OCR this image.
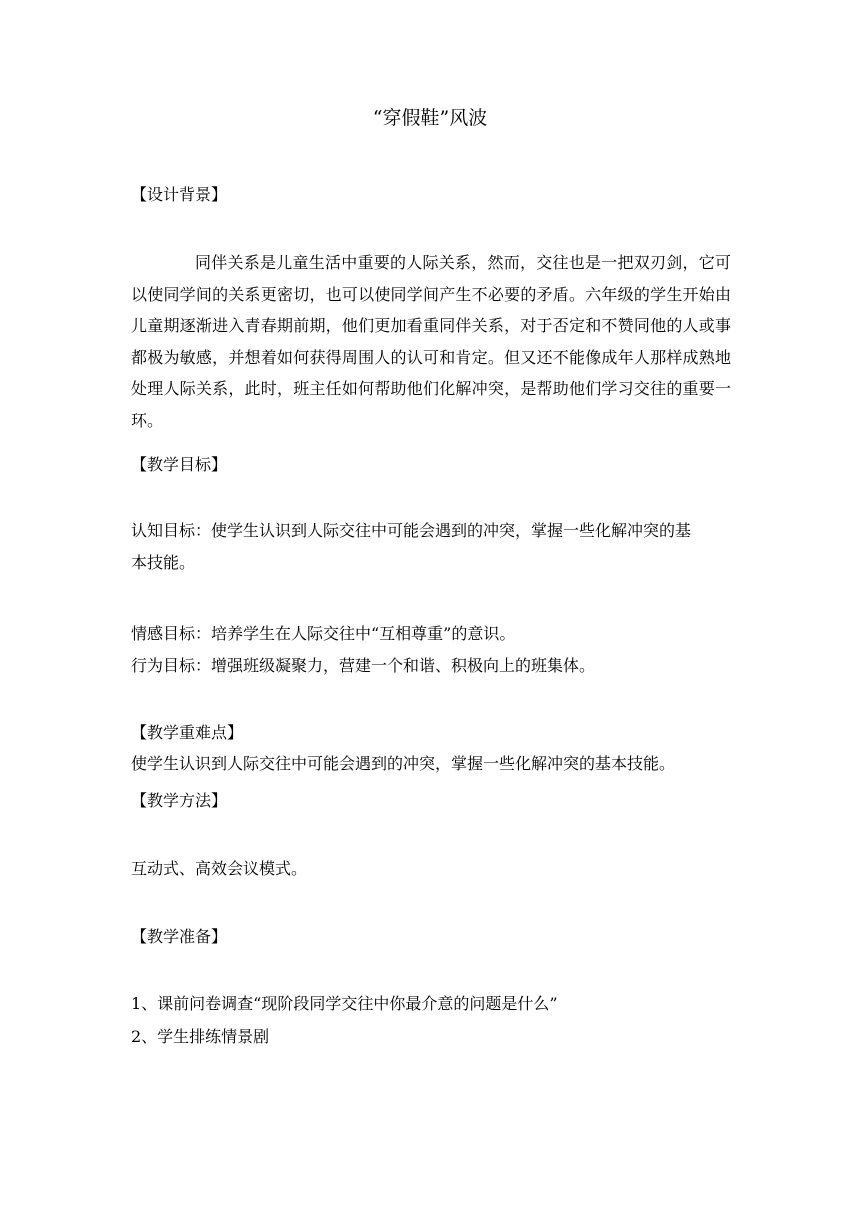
“穿假鞋”风波
【设计背景】
同伴关系是儿童生活中重要的人际关系，然而，交往也是一把双刃剑，它可以使同学间的关系更密切，也可以使同学间产生不必要的矛盾。六年级的学生开始由儿童期逐渐进入青春期前期，他们更加看重同伴关系，对于否定和不赞同他的人或事都极为敏感，并想着如何获得周围人的认可和肯定。但又还不能像成年人那样成熟地处理人际关系，此时，班主任如何帮助他们化解冲突，是帮助他们学习交往的重要一环。
【教学目标】
认知目标：使学生认识到人际交往中可能会遇到的冲突，掌握一些化解冲突的基
本技能。
情感目标：培养学生在人际交往中“互相尊重”的意识。
行为目标：增强班级凝聚力，营建一个和谐、积极向上的班集体。
【教学重难点】
使学生认识到人际交往中可能会遇到的冲突，掌握一些化解冲突的基本技能。
【教学方法】
互动式、高效会议模式。
【教学准备】
1、课前问卷调查“现阶段同学交往中你最介意的问题是什么”
2、学生排练情景剧
